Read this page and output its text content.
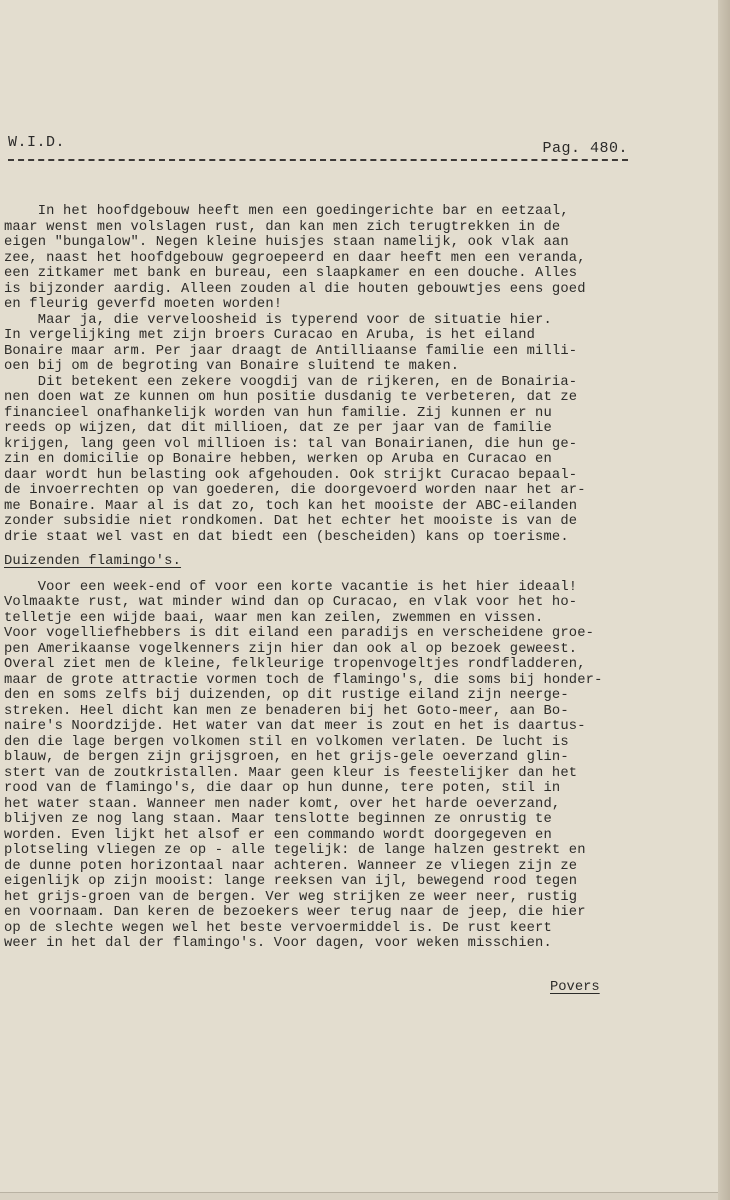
W.I.D.	Pag. 480.
In het hoofdgebouw heeft men een goedingerichte bar en eetzaal,
maar wenst men volslagen rust, dan kan men zich terugtrekken in de
eigen "bungalow". Negen kleine huisjes staan namelijk, ook vlak aan
zee, naast het hoofdgebouw gegroepeerd en daar heeft men een veranda,
een zitkamer met bank en bureau, een slaapkamer en een douche. Alles
is bijzonder aardig. Alleen zouden al die houten gebouwtjes eens goed
en fleurig geverfd moeten worden!
Maar ja, die verveloosheid is typerend voor de situatie hier.
In vergelijking met zijn broers Curacao en Aruba, is het eiland
Bonaire maar arm. Per jaar draagt de Antilliaanse familie een milli-
oen bij om de begroting van Bonaire sluitend te maken.
Dit betekent een zekere voogdij van de rijkeren, en de Bonairia-
nen doen wat ze kunnen om hun positie dusdanig te verbeteren, dat ze
financieel onafhankelijk worden van hun familie. Zij kunnen er nu
reeds op wijzen, dat dit millioen, dat ze per jaar van de familie
krijgen, lang geen vol millioen is: tal van Bonairianen, die hun ge-
zin en domicilie op Bonaire hebben, werken op Aruba en Curacao en
daar wordt hun belasting ook afgehouden. Ook strijkt Curacao bepaal-
de invoerrechten op van goederen, die doorgevoerd worden naar het ar-
me Bonaire. Maar al is dat zo, toch kan het mooiste der ABC-eilanden
zonder subsidie niet rondkomen. Dat het echter het mooiste is van de
drie staat wel vast en dat biedt een (bescheiden) kans op toerisme.
Duizenden flamingo's.
Voor een week-end of voor een korte vacantie is het hier ideaal!
Volmaakte rust, wat minder wind dan op Curacao, en vlak voor het ho-
telletje een wijde baai, waar men kan zeilen, zwemmen en vissen.
Voor vogelliefhebbers is dit eiland een paradijs en verscheidene groe-
pen Amerikaanse vogelkenners zijn hier dan ook al op bezoek geweest.
Overal ziet men de kleine, felkleurige tropenvogeltjes rondfladderen,
maar de grote attractie vormen toch de flamingo's, die soms bij honder-
den en soms zelfs bij duizenden, op dit rustige eiland zijn neerge-
streken. Heel dicht kan men ze benaderen bij het Goto-meer, aan Bo-
naire's Noordzijde. Het water van dat meer is zout en het is daartus-
den die lage bergen volkomen stil en volkomen verlaten. De lucht is
blauw, de bergen zijn grijsgroen, en het grijs-gele oeverzand glin-
stert van de zoutkristallen. Maar geen kleur is feestelijker dan het
rood van de flamingo's, die daar op hun dunne, tere poten, stil in
het water staan. Wanneer men nader komt, over het harde oeverzand,
blijven ze nog lang staan. Maar tenslotte beginnen ze onrustig te
worden. Even lijkt het alsof er een commando wordt doorgegeven en
plotseling vliegen ze op - alle tegelijk: de lange halzen gestrekt en
de dunne poten horizontaal naar achteren. Wanneer ze vliegen zijn ze
eigenlijk op zijn mooist: lange reeksen van ijl, bewegend rood tegen
het grijs-groen van de bergen. Ver weg strijken ze weer neer, rustig
en voornaam. Dan keren de bezoekers weer terug naar de jeep, die hier
op de slechte wegen wel het beste vervoermiddel is. De rust keert
weer in het dal der flamingo's. Voor dagen, voor weken misschien.
Povers
